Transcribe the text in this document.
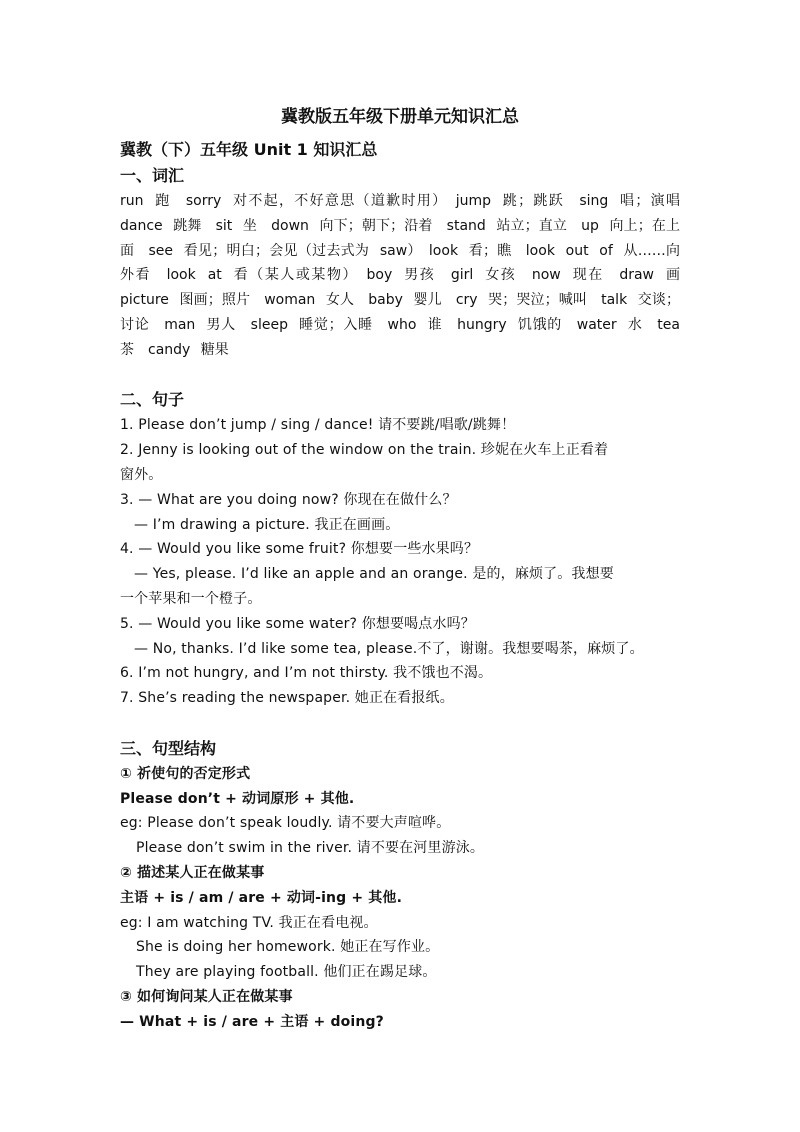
冀教版五年级下册单元知识汇总
冀教（下）五年级 Unit 1 知识汇总
一、词汇
run 跑　sorry 对不起，不好意思（道歉时用）　jump 跳；跳跃　sing 唱；演唱　dance 跳舞　sit 坐　down 向下；朝下；沿着　stand 站立；直立　up 向上；在上面　see 看见；明白；会见（过去式为 saw）　look 看；瞧　look out of 从……向外看　look at 看（某人或某物）　boy 男孩　girl 女孩　now 现在　draw 画　picture 图画；照片　woman 女人　baby 婴儿　cry 哭；哭泣；喊叫　talk 交谈；讨论　man 男人　sleep 睡觉；入睡　who 谁　hungry 饥饿的　water 水　tea 茶　candy 糖果
二、句子
1. Please don’t jump / sing / dance! 请不要跳/唱歌/跳舞！
2. Jenny is looking out of the window on the train. 珍妮在火车上正看着
窗外。
3. — What are you doing now? 你现在在做什么？
— I’m drawing a picture. 我正在画画。
4. — Would you like some fruit? 你想要一些水果吗？
— Yes, please. I’d like an apple and an orange. 是的，麻烦了。我想要
一个苹果和一个橙子。
5. — Would you like some water? 你想要喝点水吗？
— No, thanks. I’d like some tea, please.不了，谢谢。我想要喝茶，麻烦了。
6. I’m not hungry, and I’m not thirsty. 我不饿也不渴。
7. She’s reading the newspaper. 她正在看报纸。
三、句型结构
① 祈使句的否定形式
Please don’t + 动词原形 + 其他.
eg: Please don’t speak loudly. 请不要大声喧哗。
Please don’t swim in the river. 请不要在河里游泳。
② 描述某人正在做某事
主语 + is / am / are + 动词-ing + 其他.
eg: I am watching TV. 我正在看电视。
She is doing her homework. 她正在写作业。
They are playing football. 他们正在踢足球。
③ 如何询问某人正在做某事
— What + is / are + 主语 + doing?
